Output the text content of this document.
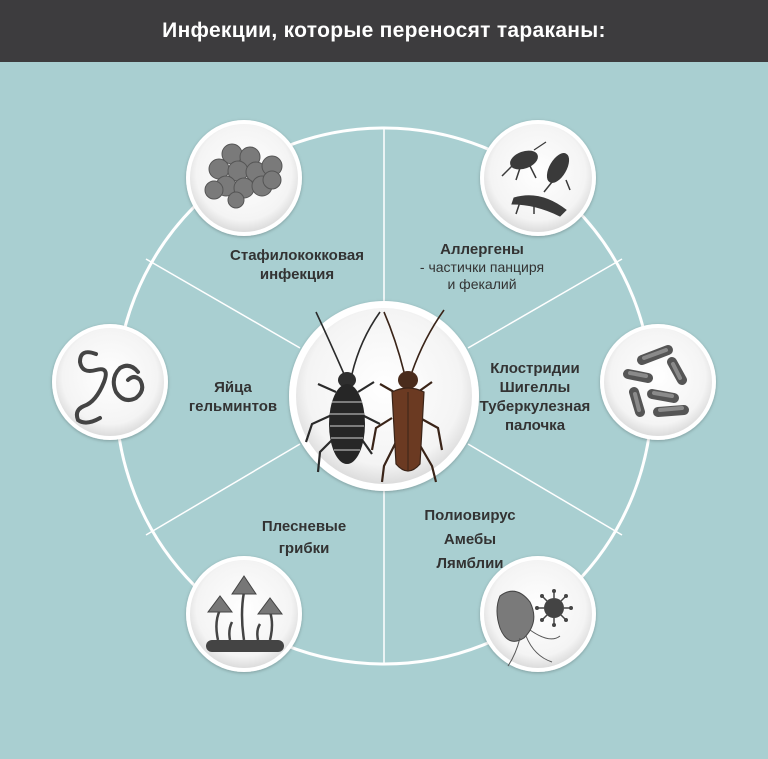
Инфекции, которые переносят тараканы:
Стафилококковая
инфекция
Аллергены
- частички панциря
и фекалий
Клостридии
Шигеллы
Туберкулезная
палочка
Полиовирус
Амебы
Лямблии
Плесневые
грибки
Яйца
гельминтов
